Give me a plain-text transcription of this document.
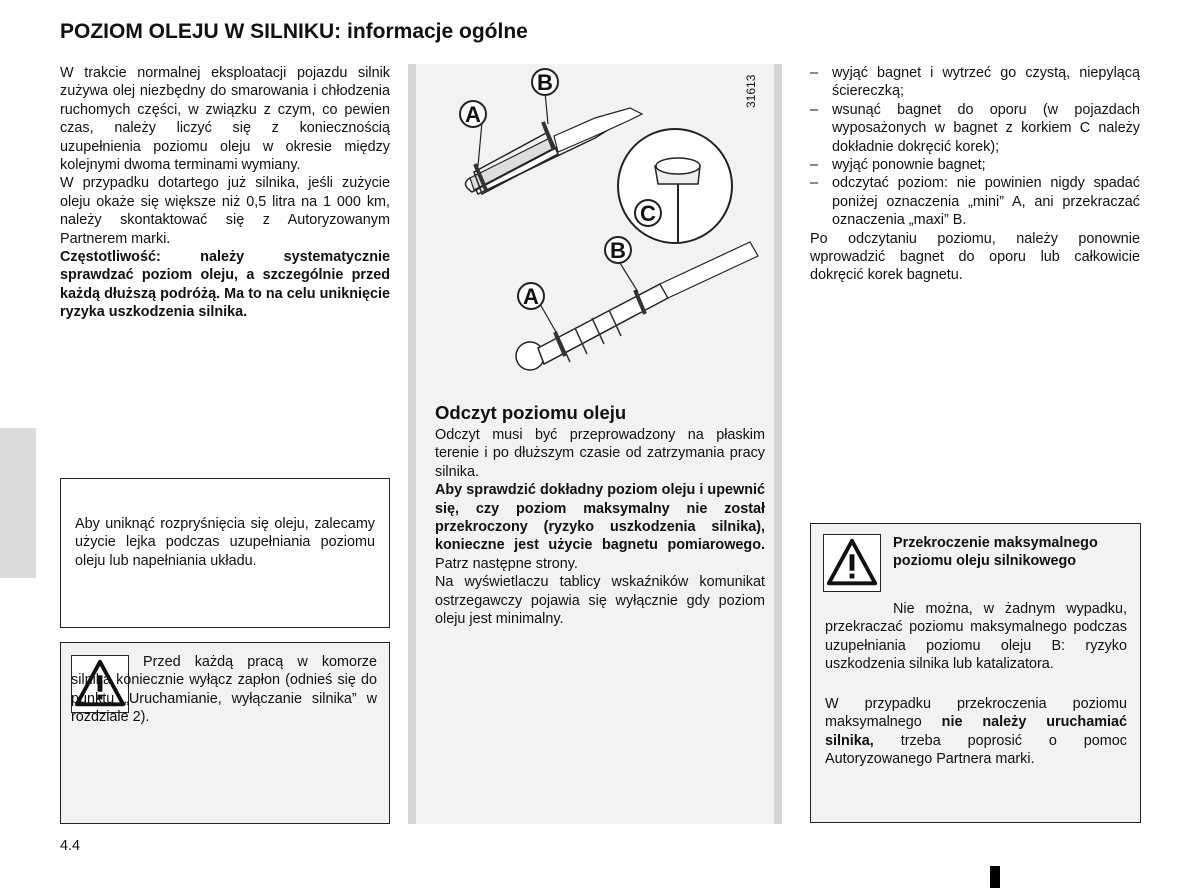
POZIOM OLEJU W SILNIKU: informacje ogólne
W trakcie normalnej eksploatacji pojazdu silnik zużywa olej niezbędny do smarowania i chłodzenia ruchomych części, w związku z czym, co pewien czas, należy liczyć się z koniecznością uzupełnienia poziomu oleju w okresie między kolejnymi dwoma terminami wymiany.
W przypadku dotartego już silnika, jeśli zużycie oleju okaże się większe niż 0,5 litra na 1 000 km, należy skontaktować się z Autoryzowanym Partnerem marki.
Częstotliwość: należy systematycznie sprawdzać poziom oleju, a szczególnie przed każdą dłuższą podróżą. Ma to na celu uniknięcie ryzyka uszkodzenia silnika.
Aby uniknąć rozpryśnięcia się oleju, zalecamy użycie lejka podczas uzupełniania poziomu oleju lub napełniania układu.
Przed każdą pracą w komorze silnika koniecznie wyłącz zapłon (odnieś się do punktu „Uruchamianie, wyłączanie silnika” w rozdziale 2).
A
B
C
B
A
31613
Odczyt poziomu oleju
Odczyt musi być przeprowadzony na płaskim terenie i po dłuższym czasie od zatrzymania pracy silnika.
Aby sprawdzić dokładny poziom oleju i upewnić się, czy poziom maksymalny nie został przekroczony (ryzyko uszkodzenia silnika), konieczne jest użycie bagnetu pomiarowego. Patrz następne strony.
Na wyświetlaczu tablicy wskaźników komunikat ostrzegawczy pojawia się wyłącznie gdy poziom oleju jest minimalny.
– wyjąć bagnet i wytrzeć go czystą, niepylącą ściereczką;
– wsunąć bagnet do oporu (w pojazdach wyposażonych w bagnet z korkiem C należy dokładnie dokręcić korek);
– wyjąć ponownie bagnet;
– odczytać poziom: nie powinien nigdy spadać poniżej oznaczenia „mini” A, ani przekraczać oznaczenia „maxi” B.
Po odczytaniu poziomu, należy ponownie wprowadzić bagnet do oporu lub całkowicie dokręcić korek bagnetu.
Przekroczenie maksymalnego poziomu oleju silnikowego
Nie można, w żadnym wypadku, przekraczać poziomu maksymalnego podczas uzupełniania poziomu oleju B: ryzyko uszkodzenia silnika lub katalizatora.
W przypadku przekroczenia poziomu maksymalnego nie należy uruchamiać silnika, trzeba poprosić o pomoc Autoryzowanego Partnera marki.
4.4
